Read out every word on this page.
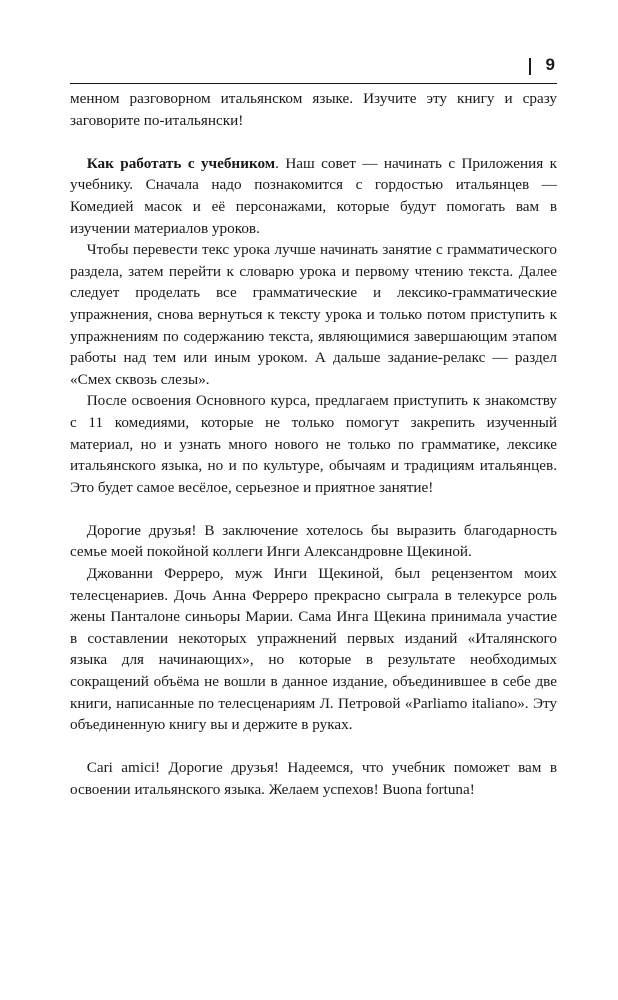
9

менном разговорном итальянском языке. Изучите эту книгу и сразу заговорите по-итальянски!

Как работать с учебником. Наш совет — начинать с Приложения к учебнику. Сначала надо познакомится с гордостью итальянцев — Комедией масок и её персонажами, которые будут помогать вам в изучении материалов уроков.

Чтобы перевести текс урока лучше начинать занятие с грамматического раздела, затем перейти к словарю урока и первому чтению текста. Далее следует проделать все грамматические и лексико-грамматические упражнения, снова вернуться к тексту урока и только потом приступить к упражнениям по содержанию текста, являющимися завершающим этапом работы над тем или иным уроком. А дальше задание-релакс — раздел «Смех сквозь слезы».

После освоения Основного курса, предлагаем приступить к знакомству с 11 комедиями, которые не только помогут закрепить изученный материал, но и узнать много нового не только по грамматике, лексике итальянского языка, но и по культуре, обычаям и традициям итальянцев. Это будет самое весёлое, серьезное и приятное занятие!

Дорогие друзья! В заключение хотелось бы выразить благодарность семье моей покойной коллеги Инги Александровне Щекиной.

Джованни Ферреро, муж Инги Щекиной, был рецензентом моих телесценариев. Дочь Анна Ферреро прекрасно сыграла в телекурсе роль жены Панталоне синьоры Марии. Сама Инга Щекина принимала участие в составлении некоторых упражнений первых изданий «Италянского языка для начинающих», но которые в результате необходимых сокращений объёма не вошли в данное издание, объединившее в себе две книги, написанные по телесценариям Л. Петровой «Parliamo italiano». Эту объединенную книгу вы и держите в руках.

Cari amici! Дорогие друзья! Надеемся, что учебник поможет вам в освоении итальянского языка. Желаем успехов! Buona fortuna!
